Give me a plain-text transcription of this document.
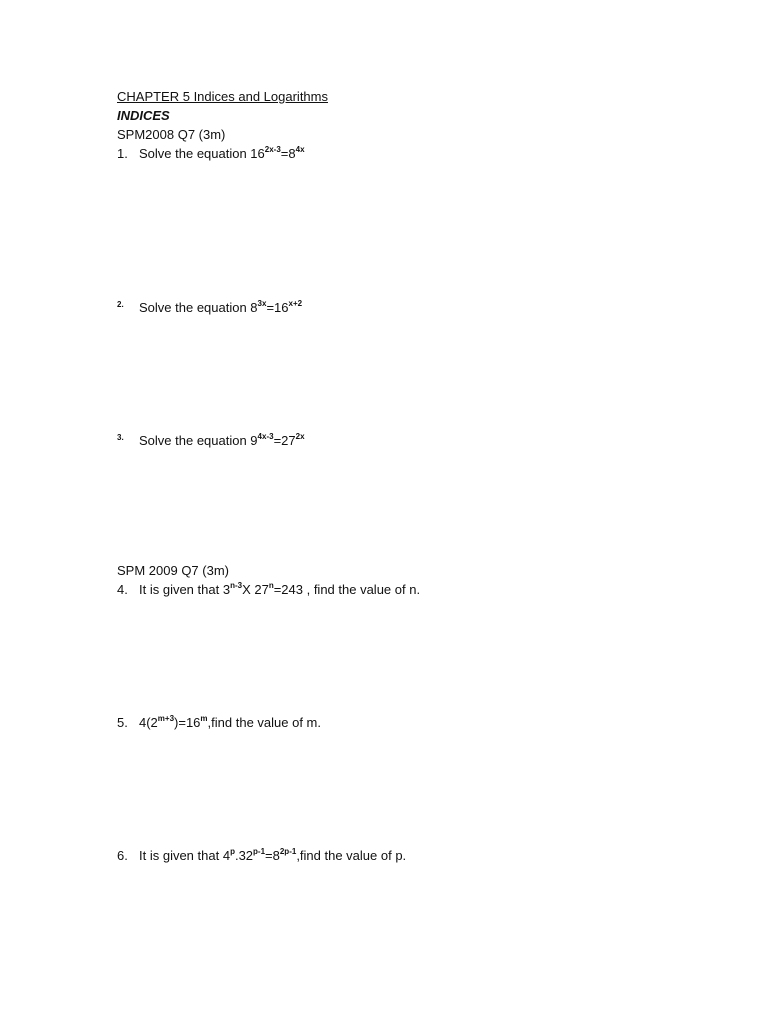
CHAPTER 5 Indices and Logarithms
INDICES
SPM2008 Q7 (3m)
1. Solve the equation $16^{2x-3}=8^{4x}$
2. Solve the equation $8^{3x}=16^{x+2}$
3. Solve the equation $9^{4x-3}=27^{2x}$
SPM 2009 Q7 (3m)
4. It is given that 3$^{n-3}$X $27^n=243$ , find the value of n.
5. $4(2^{m+3})=16^m,find$ the value of m.
6. It is given that $4^p.32^{p-1}=8^{2p-1},find$ the value of p.
